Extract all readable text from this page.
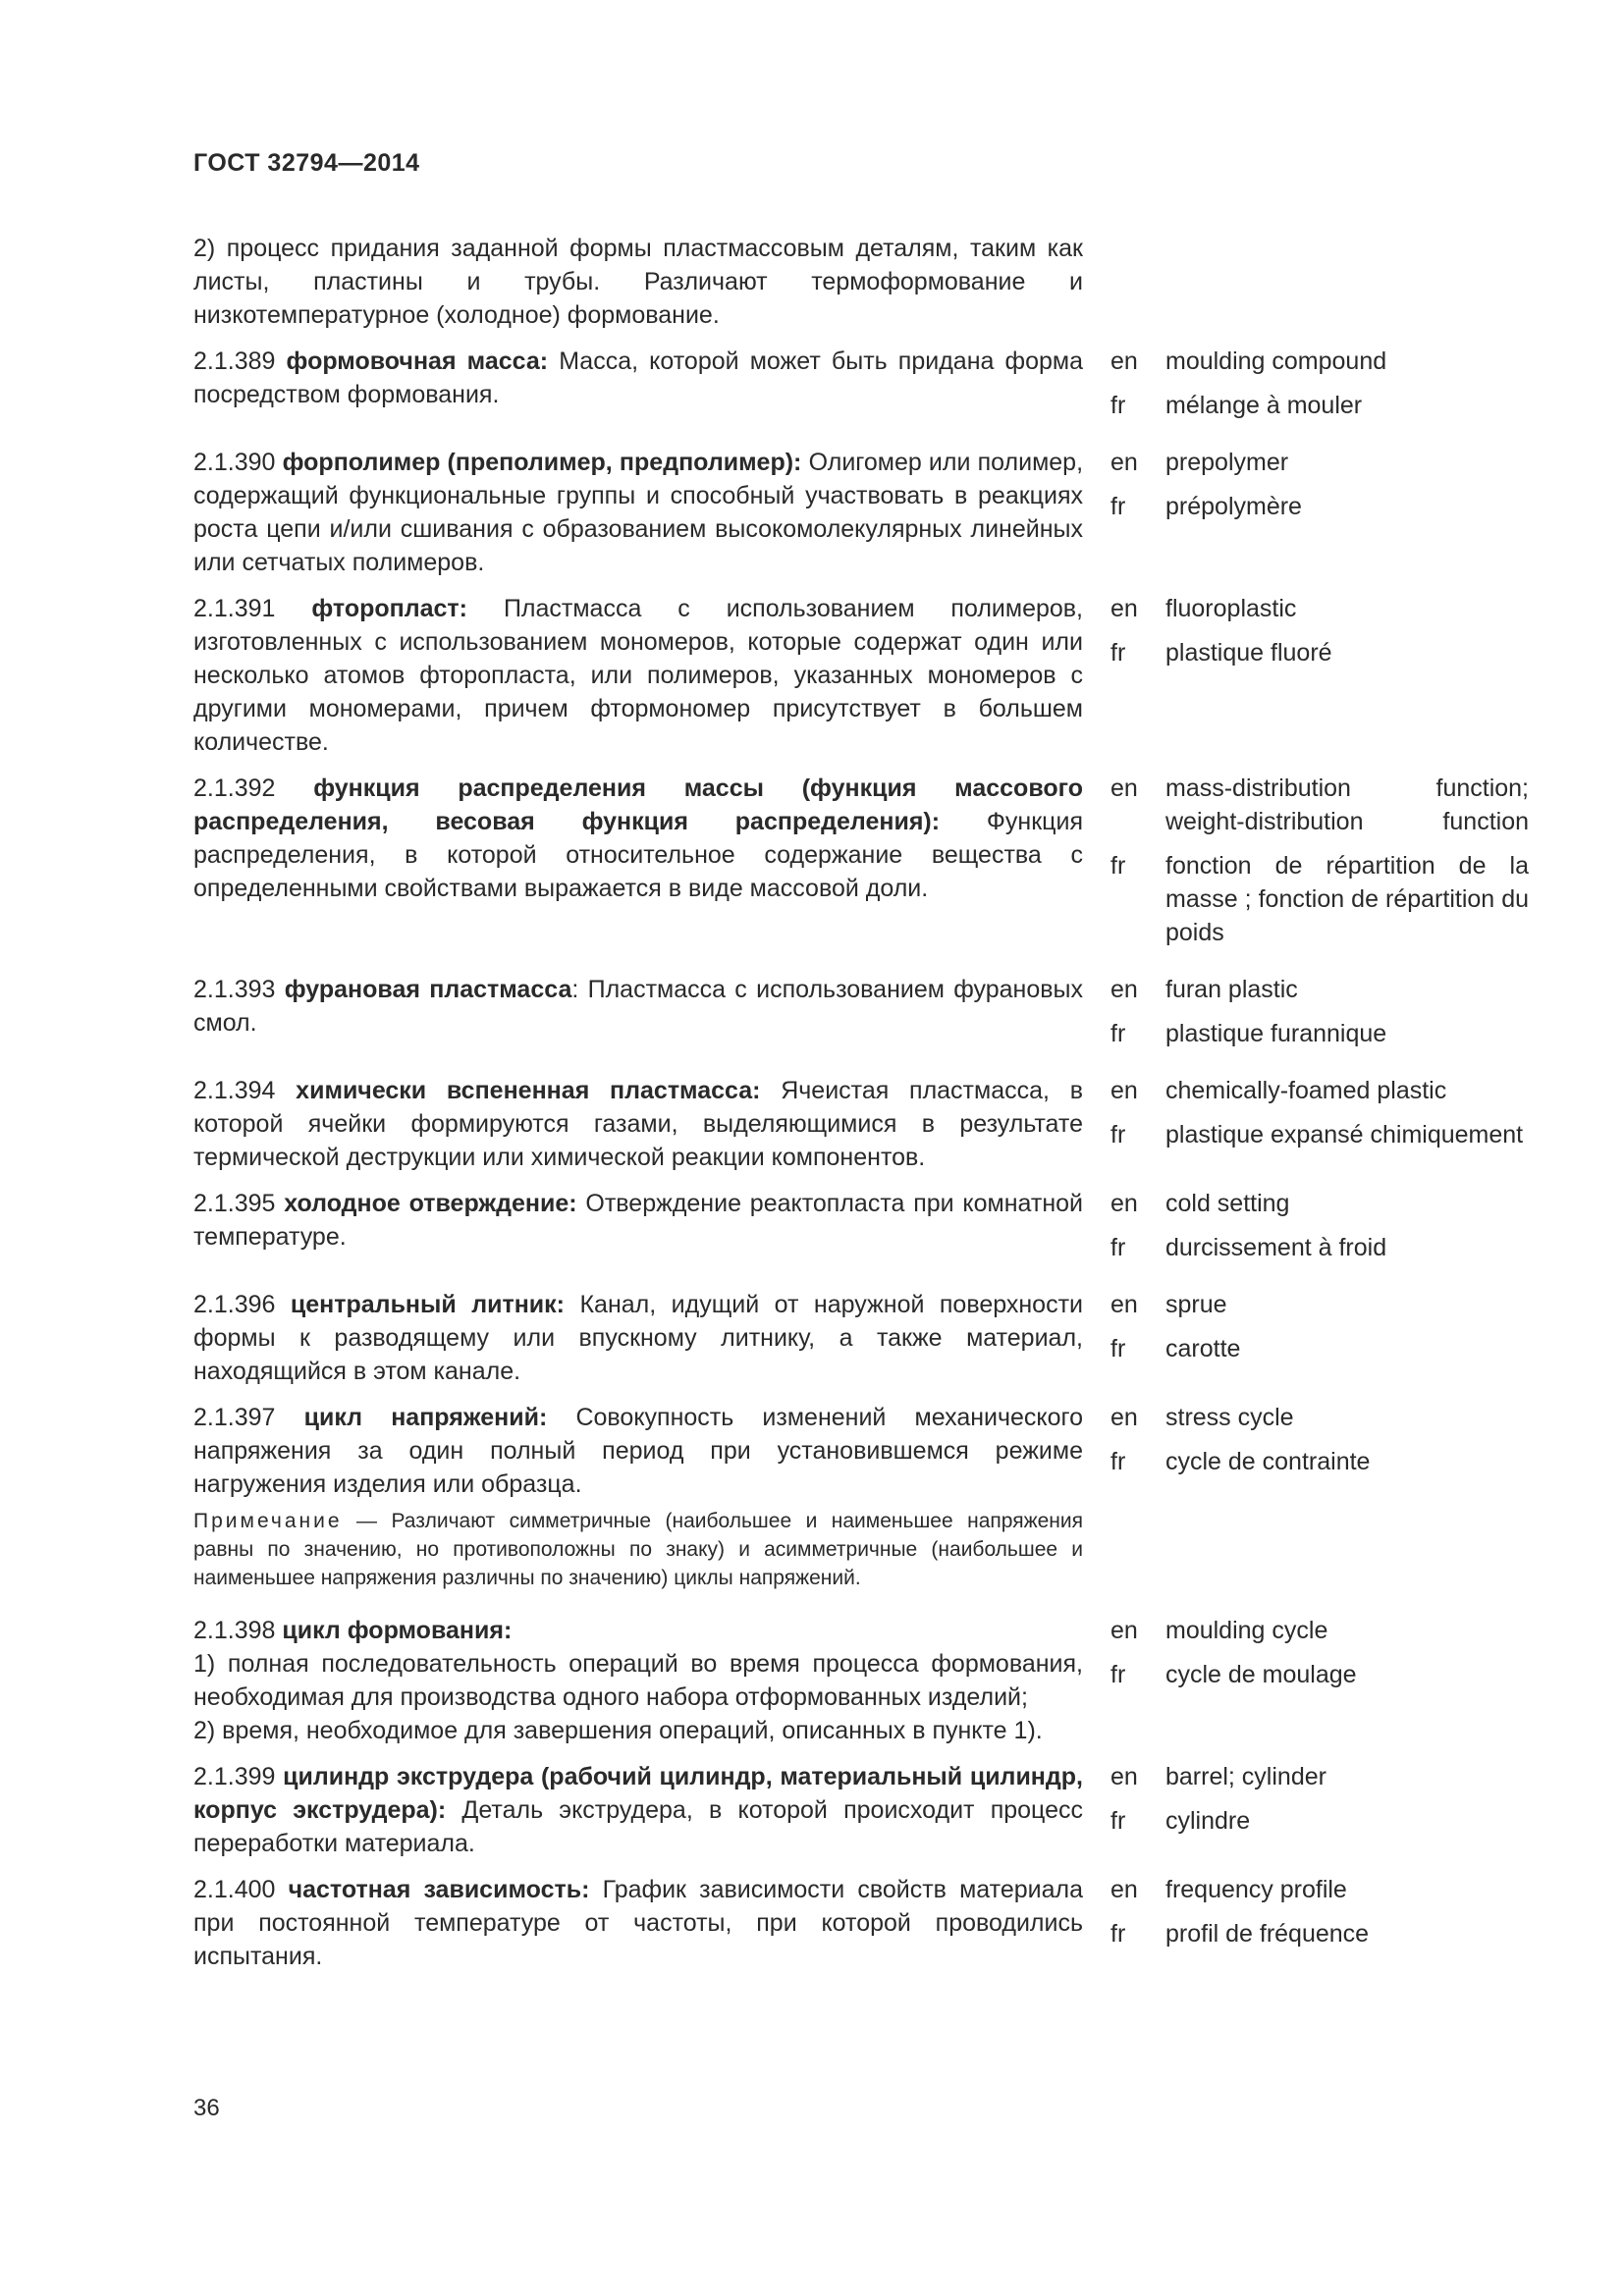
ГОСТ 32794—2014
2) процесс придания заданной формы пластмассовым деталям, таким как листы, пластины и трубы. Различают термоформование и низкотемпературное (холодное) формование.
2.1.389 формовочная масса: Масса, которой может быть придана форма посредством формования.
en	moulding compound
fr	mélange à mouler
2.1.390 форполимер (преполимер, предполимер): Олигомер или полимер, содержащий функциональные группы и способный участвовать в реакциях роста цепи и/или сшивания с образованием высокомолекулярных линейных или сетчатых полимеров.
en	prepolymer
fr	prépolymère
2.1.391 фторопласт: Пластмасса с использованием полимеров, изготовленных с использованием мономеров, которые содержат один или несколько атомов фторопласта, или полимеров, указанных мономеров с другими мономерами, причем фтормономер присутствует в большем количестве.
en	fluoroplastic
fr	plastique fluoré
2.1.392 функция распределения массы (функция массового распределения, весовая функция распределения): Функция распределения, в которой относительное содержание вещества с определенными свойствами выражается в виде массовой доли.
en	mass-distribution function; weight-distribution function
fr	fonction de répartition de la masse ; fonction de répartition du poids
2.1.393 фурановая пластмасса: Пластмасса с использованием фурановых смол.
en	furan plastic
fr	plastique furannique
2.1.394 химически вспененная пластмасса: Ячеистая пластмасса, в которой ячейки формируются газами, выделяющимися в результате термической деструкции или химической реакции компонентов.
en	chemically-foamed plastic
fr	plastique expansé chimiquement
2.1.395 холодное отверждение: Отверждение реактопласта при комнатной температуре.
en	cold setting
fr	durcissement à froid
2.1.396 центральный литник: Канал, идущий от наружной поверхности формы к разводящему или впускному литнику, а также материал, находящийся в этом канале.
en	sprue
fr	carotte
2.1.397 цикл напряжений: Совокупность изменений механического напряжения за один полный период при установившемся режиме нагружения изделия или образца.
en	stress cycle
fr	cycle de contrainte
Примечание — Различают симметричные (наибольшее и наименьшее напряжения равны по значению, но противоположны по знаку) и асимметричные (наибольшее и наименьшее напряжения различны по значению) циклы напряжений.
2.1.398 цикл формования:
1) полная последовательность операций во время процесса формования, необходимая для производства одного набора отформованных изделий;
2) время, необходимое для завершения операций, описанных в пункте 1).
en	moulding cycle
fr	cycle de moulage
2.1.399 цилиндр экструдера (рабочий цилиндр, материальный цилиндр, корпус экструдера): Деталь экструдера, в которой происходит процесс переработки материала.
en	barrel; cylinder
fr	cylindre
2.1.400 частотная зависимость: График зависимости свойств материала при постоянной температуре от частоты, при которой проводились испытания.
en	frequency profile
fr	profil de fréquence
36
